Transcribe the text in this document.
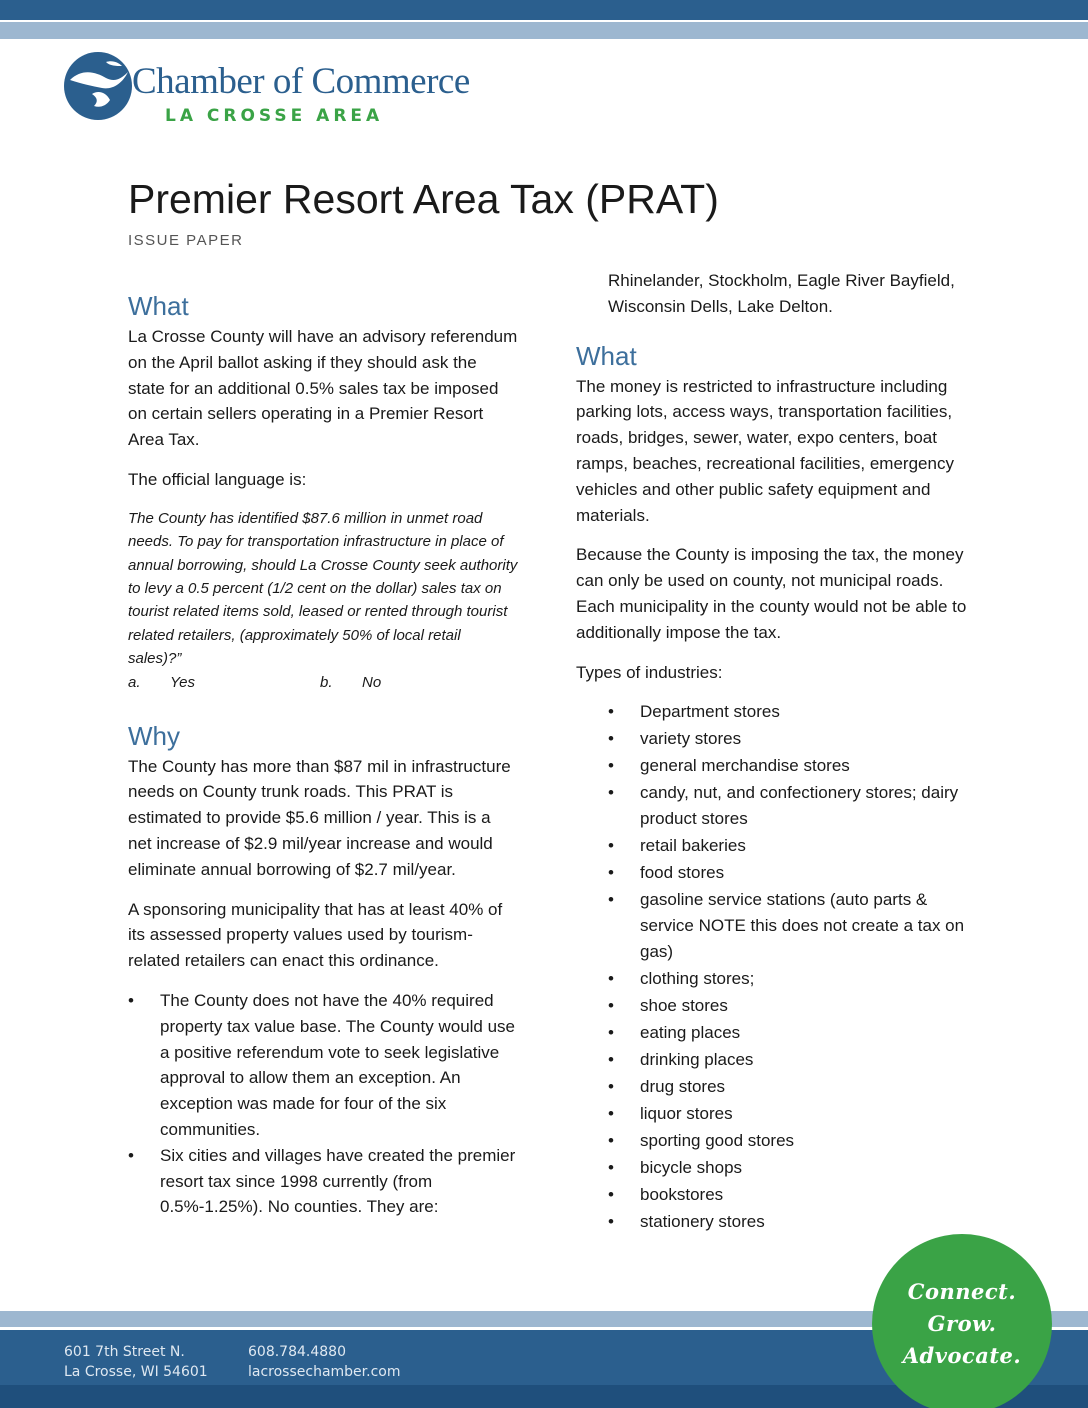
Chamber of Commerce
LA CROSSE AREA
Premier Resort Area Tax (PRAT)
ISSUE PAPER
What

La Crosse County will have an advisory referendum on the April ballot asking if they should ask the state for an additional 0.5% sales tax be imposed on certain sellers operating in a Premier Resort Area Tax.

The official language is:

The County has identified $87.6 million in unmet road needs. To pay for transportation infrastructure in place of annual borrowing, should La Crosse County seek authority to levy a 0.5 percent (1/2 cent on the dollar) sales tax on tourist related items sold, leased or rented through tourist related retailers, (approximately 50% of local retail sales)?”

a.	Yes	b.	No
Why

The County has more than $87 mil in infrastructure needs on County trunk roads. This PRAT is estimated to provide $5.6 million / year. This is a net increase of $2.9 mil/year increase and would eliminate annual borrowing of $2.7 mil/year.

A sponsoring municipality that has at least 40% of its assessed property values used by tourism-related retailers can enact this ordinance.

• The County does not have the 40% required property tax value base. The County would use a positive referendum vote to seek legislative approval to allow them an exception. An exception was made for four of the six communities.
• Six cities and villages have created the premier resort tax since 1998 currently (from 0.5%-1.25%). No counties. They are:

Rhinelander, Stockholm, Eagle River Bayfield, Wisconsin Dells, Lake Delton.

What

The money is restricted to infrastructure including parking lots, access ways, transportation facilities, roads, bridges, sewer, water, expo centers, boat ramps, beaches, recreational facilities, emergency vehicles and other public safety equipment and materials.

Because the County is imposing the tax, the money can only be used on county, not municipal roads. Each municipality in the county would not be able to additionally impose the tax.

Types of industries:

• Department stores
• variety stores
• general merchandise stores
• candy, nut, and confectionery stores; dairy product stores
• retail bakeries
• food stores
• gasoline service stations (auto parts & service NOTE this does not create a tax on gas)
• clothing stores;
• shoe stores
• eating places
• drinking places
• drug stores
• liquor stores
• sporting good stores
• bicycle shops
• bookstores
• stationery stores
601 7th Street N.
La Crosse, WI 54601
608.784.4880
lacrossechamber.com
Connect.
Grow.
Advocate.
